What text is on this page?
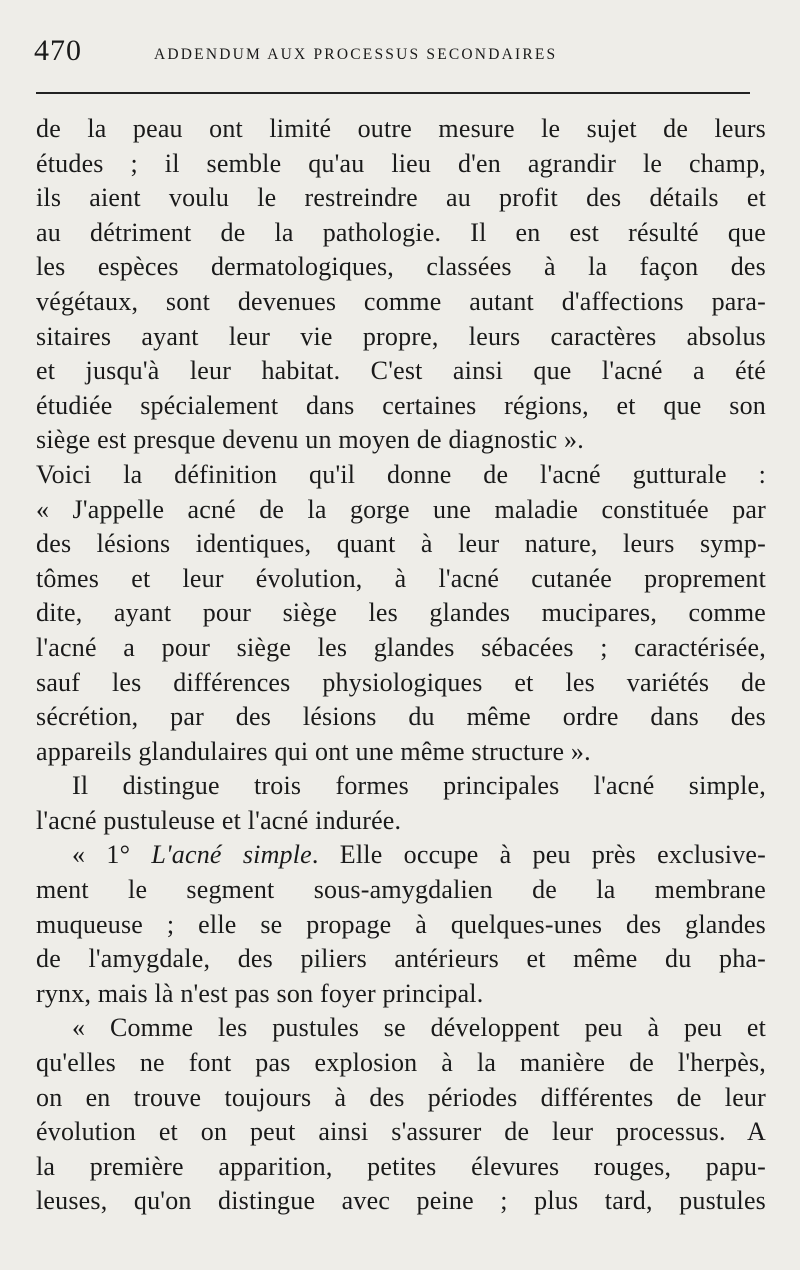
470	ADDENDUM AUX PROCESSUS SECONDAIRES
de la peau ont limité outre mesure le sujet de leurs
études ; il semble qu'au lieu d'en agrandir le champ,
ils aient voulu le restreindre au profit des détails et
au détriment de la pathologie. Il en est résulté que
les espèces dermatologiques, classées à la façon des
végétaux, sont devenues comme autant d'affections para-
sitaires ayant leur vie propre, leurs caractères absolus
et jusqu'à leur habitat. C'est ainsi que l'acné a été
étudiée spécialement dans certaines régions, et que son
siège est presque devenu un moyen de diagnostic ».
Voici la définition qu'il donne de l'acné gutturale :
« J'appelle acné de la gorge une maladie constituée par
des lésions identiques, quant à leur nature, leurs symp-
tômes et leur évolution, à l'acné cutanée proprement
dite, ayant pour siège les glandes mucipares, comme
l'acné a pour siège les glandes sébacées ; caractérisée,
sauf les différences physiologiques et les variétés de
sécrétion, par des lésions du même ordre dans des
appareils glandulaires qui ont une même structure ».
Il distingue trois formes principales l'acné simple,
l'acné pustuleuse et l'acné indurée.
« 1° L'acné simple. Elle occupe à peu près exclusive-
ment le segment sous-amygdalien de la membrane
muqueuse ; elle se propage à quelques-unes des glandes
de l'amygdale, des piliers antérieurs et même du pha-
rynx, mais là n'est pas son foyer principal.
« Comme les pustules se développent peu à peu et
qu'elles ne font pas explosion à la manière de l'herpès,
on en trouve toujours à des périodes différentes de leur
évolution et on peut ainsi s'assurer de leur processus. A
la première apparition, petites élevures rouges, papu-
leuses, qu'on distingue avec peine ; plus tard, pustules
